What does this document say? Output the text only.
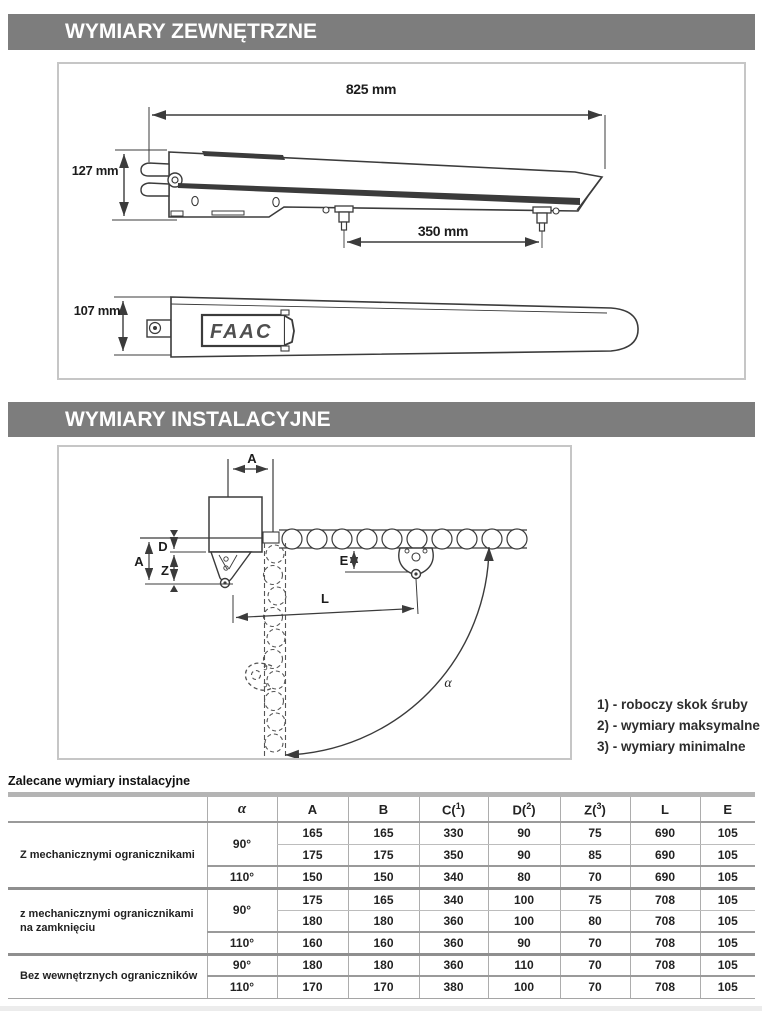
WYMIARY ZEWNĘTRZNE
825 mm
127 mm
350 mm
107 mm
FAAC
WYMIARY INSTALACYJNE
A
D
A
Z
E
L
α
1) - roboczy skok śruby
2) - wymiary maksymalne
3) - wymiary minimalne
Zalecane wymiary instalacyjne
	α	A	B	C($^1$)	D($^2$)	Z($^3$)	L	E
Z mechanicznymi ogranicznikami	90°	165	165	330	90	75	690	105
		175	175	350	90	85	690	105
	110°	150	150	340	80	70	690	105
z mechanicznymi ogranicznikami na zamknięciu	90°	175	165	340	100	75	708	105
		180	180	360	100	80	708	105
	110°	160	160	360	90	70	708	105
Bez wewnętrznych ograniczników	90°	180	180	360	110	70	708	105
	110°	170	170	380	100	70	708	105
